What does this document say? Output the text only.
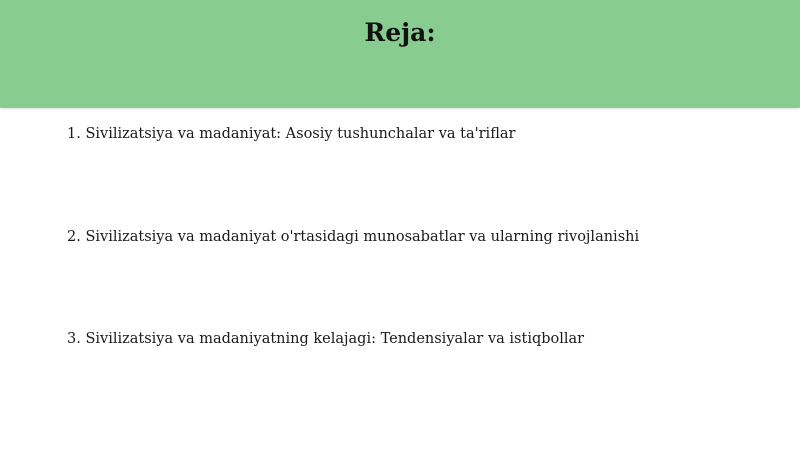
Reja:
1. Sivilizatsiya va madaniyat: Asosiy tushunchalar va ta'riflar
2. Sivilizatsiya va madaniyat o'rtasidagi munosabatlar va ularning rivojlanishi
3. Sivilizatsiya va madaniyatning kelajagi: Tendensiyalar va istiqbollar
